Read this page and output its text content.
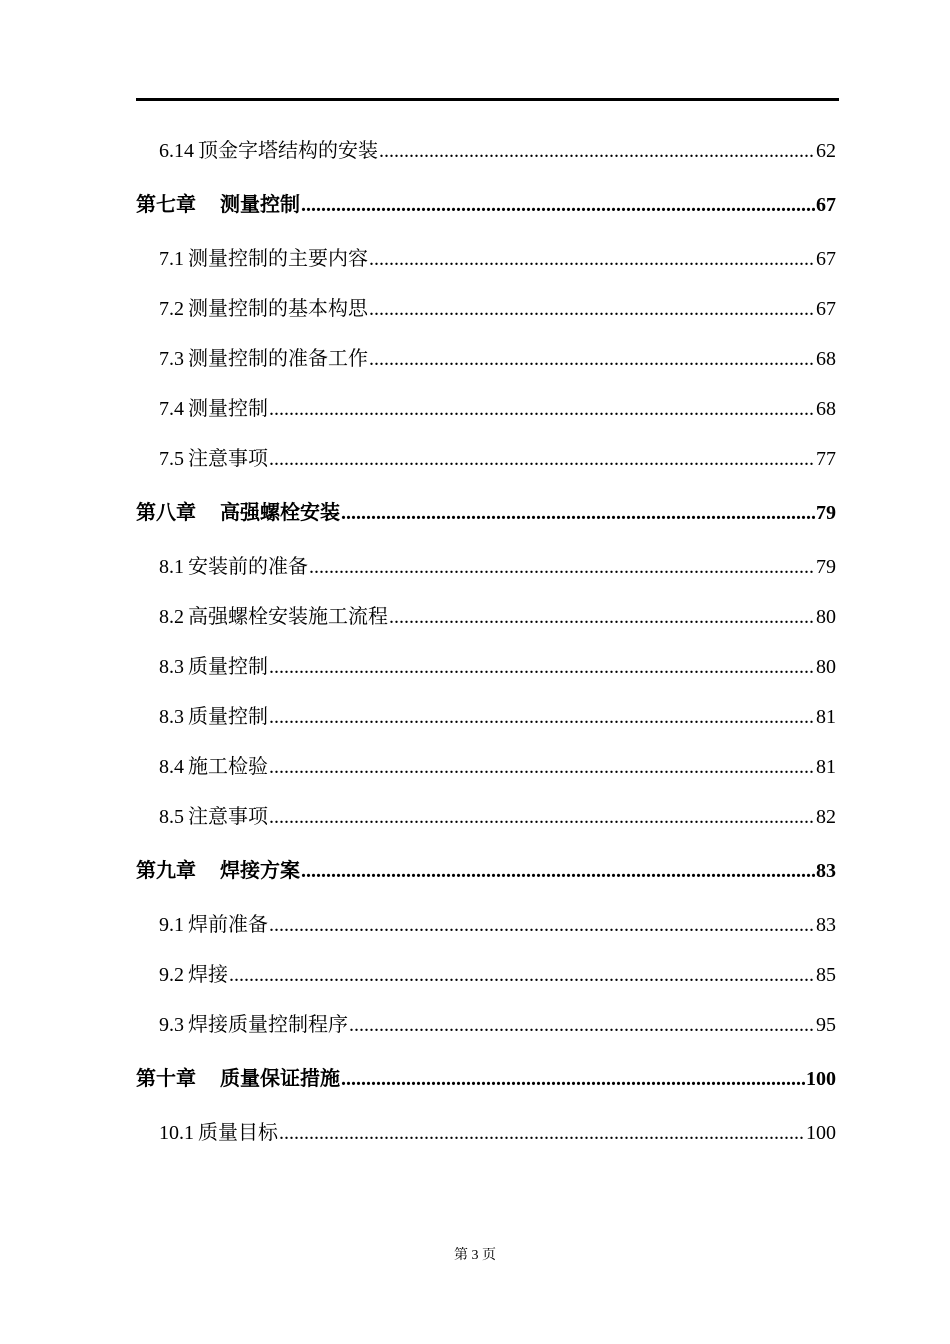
6.14 顶金字塔结构的安装 .....	62
第七章 测量控制 .....	67
7.1 测量控制的主要内容 .....	67
7.2 测量控制的基本构思 .....	67
7.3 测量控制的准备工作 .....	68
7.4 测量控制 .....	68
7.5 注意事项 .....	77
第八章 高强螺栓安装 .....	79
8.1 安装前的准备 .....	79
8.2 高强螺栓安装施工流程 .....	80
8.3 质量控制 .....	80
8.3 质量控制 .....	81
8.4 施工检验 .....	81
8.5 注意事项 .....	82
第九章 焊接方案 .....	83
9.1 焊前准备 .....	83
9.2 焊接 .....	85
9.3 焊接质量控制程序 .....	95
第十章 质量保证措施 .....	100
10.1 质量目标 .....	100
第 3 页
